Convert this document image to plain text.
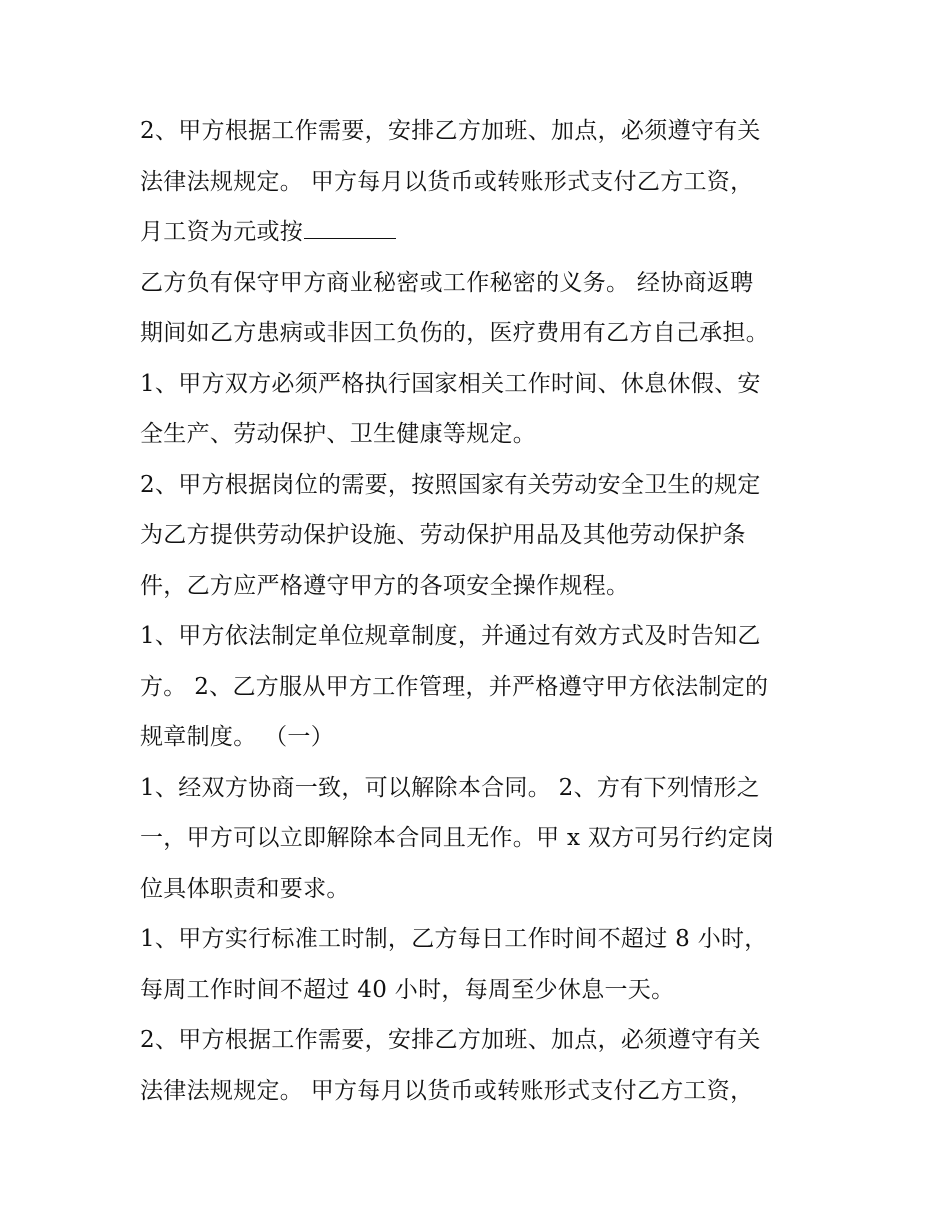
2、甲方根据工作需要，安排乙方加班、加点，必须遵守有关
法律法规规定。 甲方每月以货币或转账形式支付乙方工资，
月工资为元或按
乙方负有保守甲方商业秘密或工作秘密的义务。 经协商返聘
期间如乙方患病或非因工负伤的，医疗费用有乙方自己承担。
1、甲方双方必须严格执行国家相关工作时间、休息休假、安
全生产、劳动保护、卫生健康等规定。
2、甲方根据岗位的需要，按照国家有关劳动安全卫生的规定
为乙方提供劳动保护设施、劳动保护用品及其他劳动保护条
件，乙方应严格遵守甲方的各项安全操作规程。
1、甲方依法制定单位规章制度，并通过有效方式及时告知乙
方。 2、乙方服从甲方工作管理，并严格遵守甲方依法制定的
规章制度。 （一）
1、经双方协商一致，可以解除本合同。 2、方有下列情形之
一，甲方可以立即解除本合同且无作。甲 x 双方可另行约定岗
位具体职责和要求。
1、甲方实行标准工时制，乙方每日工作时间不超过 8 小时，
每周工作时间不超过 40 小时，每周至少休息一天。
2、甲方根据工作需要，安排乙方加班、加点，必须遵守有关
法律法规规定。 甲方每月以货币或转账形式支付乙方工资，
